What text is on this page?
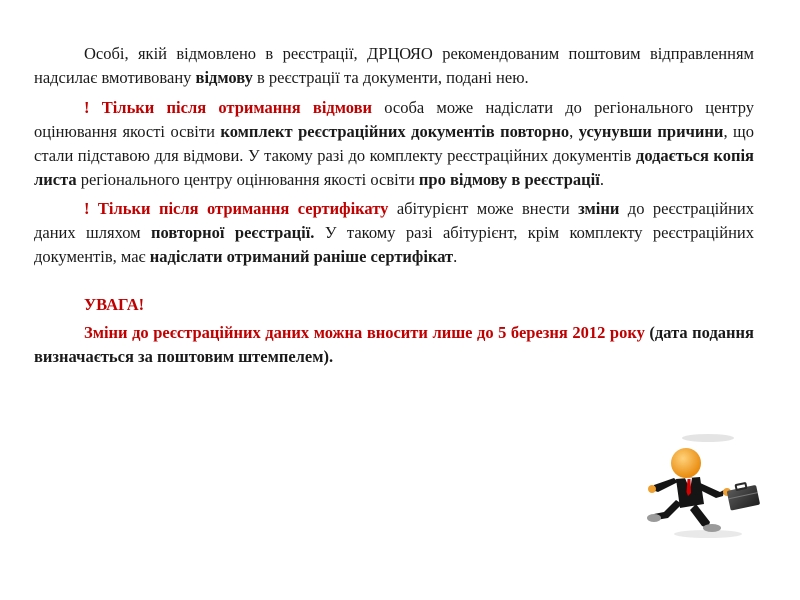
Особі, якій відмовлено в реєстрації, ДРЦОЯО рекомендованим поштовим відправленням надсилає вмотивовану відмову в реєстрації та документи, подані нею.

! Тільки після отримання відмови особа може надіслати до регіонального центру оцінювання якості освіти комплект реєстраційних документів повторно, усунувши причини, що стали підставою для відмови. У такому разі до комплекту реєстраційних документів додається копія листа регіонального центру оцінювання якості освіти про відмову в реєстрації.

! Тільки після отримання сертифікату абітурієнт може внести зміни до реєстраційних даних шляхом повторної реєстрації. У такому разі абітурієнт, крім комплекту реєстраційних документів, має надіслати отриманий раніше сертифікат.

УВАГА!

Зміни до реєстраційних даних можна вносити лише до 5 березня 2012 року (дата подання визначається за поштовим штемпелем).
